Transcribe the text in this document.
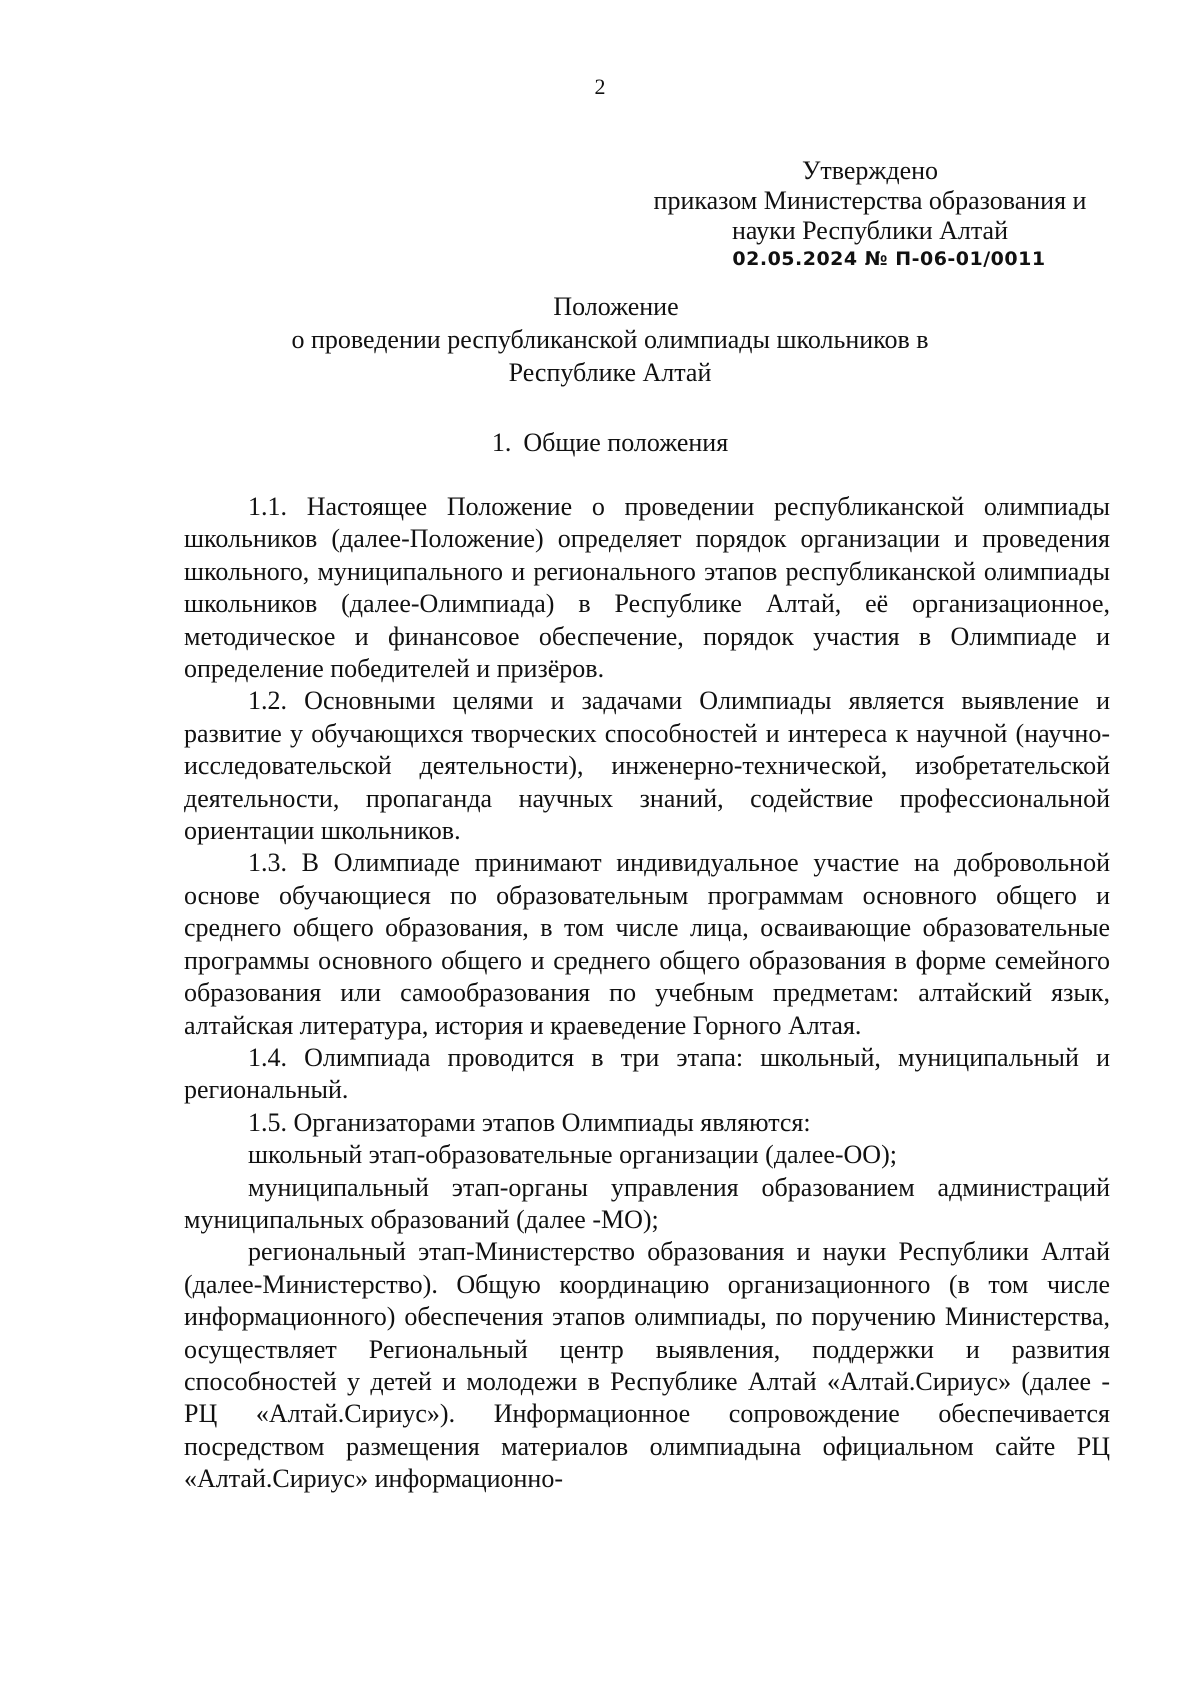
2
Утверждено
приказом Министерства образования и
науки Республики Алтай
02.05.2024 № П-06-01/0011
Положение
о проведении республиканской олимпиады школьников в
Республике Алтай
1. Общие положения

1.1. Настоящее Положение о проведении республиканской олимпиады школьников (далее-Положение) определяет порядок организации и проведения школьного, муниципального и регионального этапов республиканской олимпиады школьников (далее-Олимпиада) в Республике Алтай, её организационное, методическое и финансовое обеспечение, порядок участия в Олимпиаде и определение победителей и призёров.

1.2. Основными целями и задачами Олимпиады является выявление и развитие у обучающихся творческих способностей и интереса к научной (научно-исследовательской деятельности), инженерно-технической, изобретательской деятельности, пропаганда научных знаний, содействие профессиональной ориентации школьников.

1.3. В Олимпиаде принимают индивидуальное участие на добровольной основе обучающиеся по образовательным программам основного общего и среднего общего образования, в том числе лица, осваивающие образовательные программы основного общего и среднего общего образования в форме семейного образования или самообразования по учебным предметам: алтайский язык, алтайская литература, история и краеведение Горного Алтая.

1.4. Олимпиада проводится в три этапа: школьный, муниципальный и региональный.

1.5. Организаторами этапов Олимпиады являются:

школьный этап-образовательные организации (далее-ОО);

муниципальный этап-органы управления образованием администраций муниципальных образований (далее -МО);

региональный этап-Министерство образования и науки Республики Алтай (далее-Министерство). Общую координацию организационного (в том числе информационного) обеспечения этапов олимпиады, по поручению Министерства, осуществляет Региональный центр выявления, поддержки и развития способностей у детей и молодежи в Республике Алтай «Алтай.Сириус» (далее - РЦ «Алтай.Сириус»). Информационное сопровождение обеспечивается посредством размещения материалов олимпиадына официальном сайте РЦ «Алтай.Сириус» информационно-
